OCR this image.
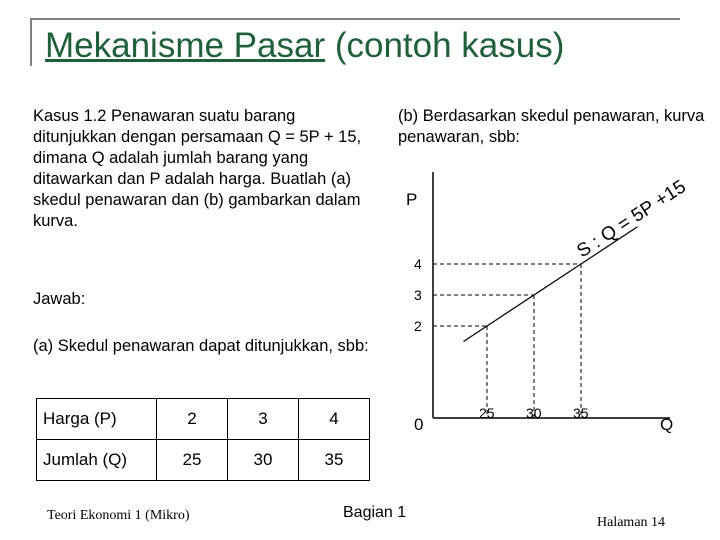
Mekanisme Pasar (contoh kasus)
Kasus 1.2 Penawaran suatu barang ditunjukkan dengan persamaan Q = 5P + 15, dimana Q adalah jumlah barang yang ditawarkan dan P adalah harga. Buatlah (a) skedul penawaran dan (b) gambarkan dalam kurva.
(b) Berdasarkan skedul penawaran, kurva penawaran, sbb:
Jawab:
(a) Skedul penawaran dapat ditunjukkan, sbb:
Harga (P)	2	3	4
Jumlah (Q)	25	30	35
P
Q
0
2
3
4
25 30 35
S : Q = 5P +15
Teori Ekonomi 1 (Mikro)	Bagian 1
Halaman 14
